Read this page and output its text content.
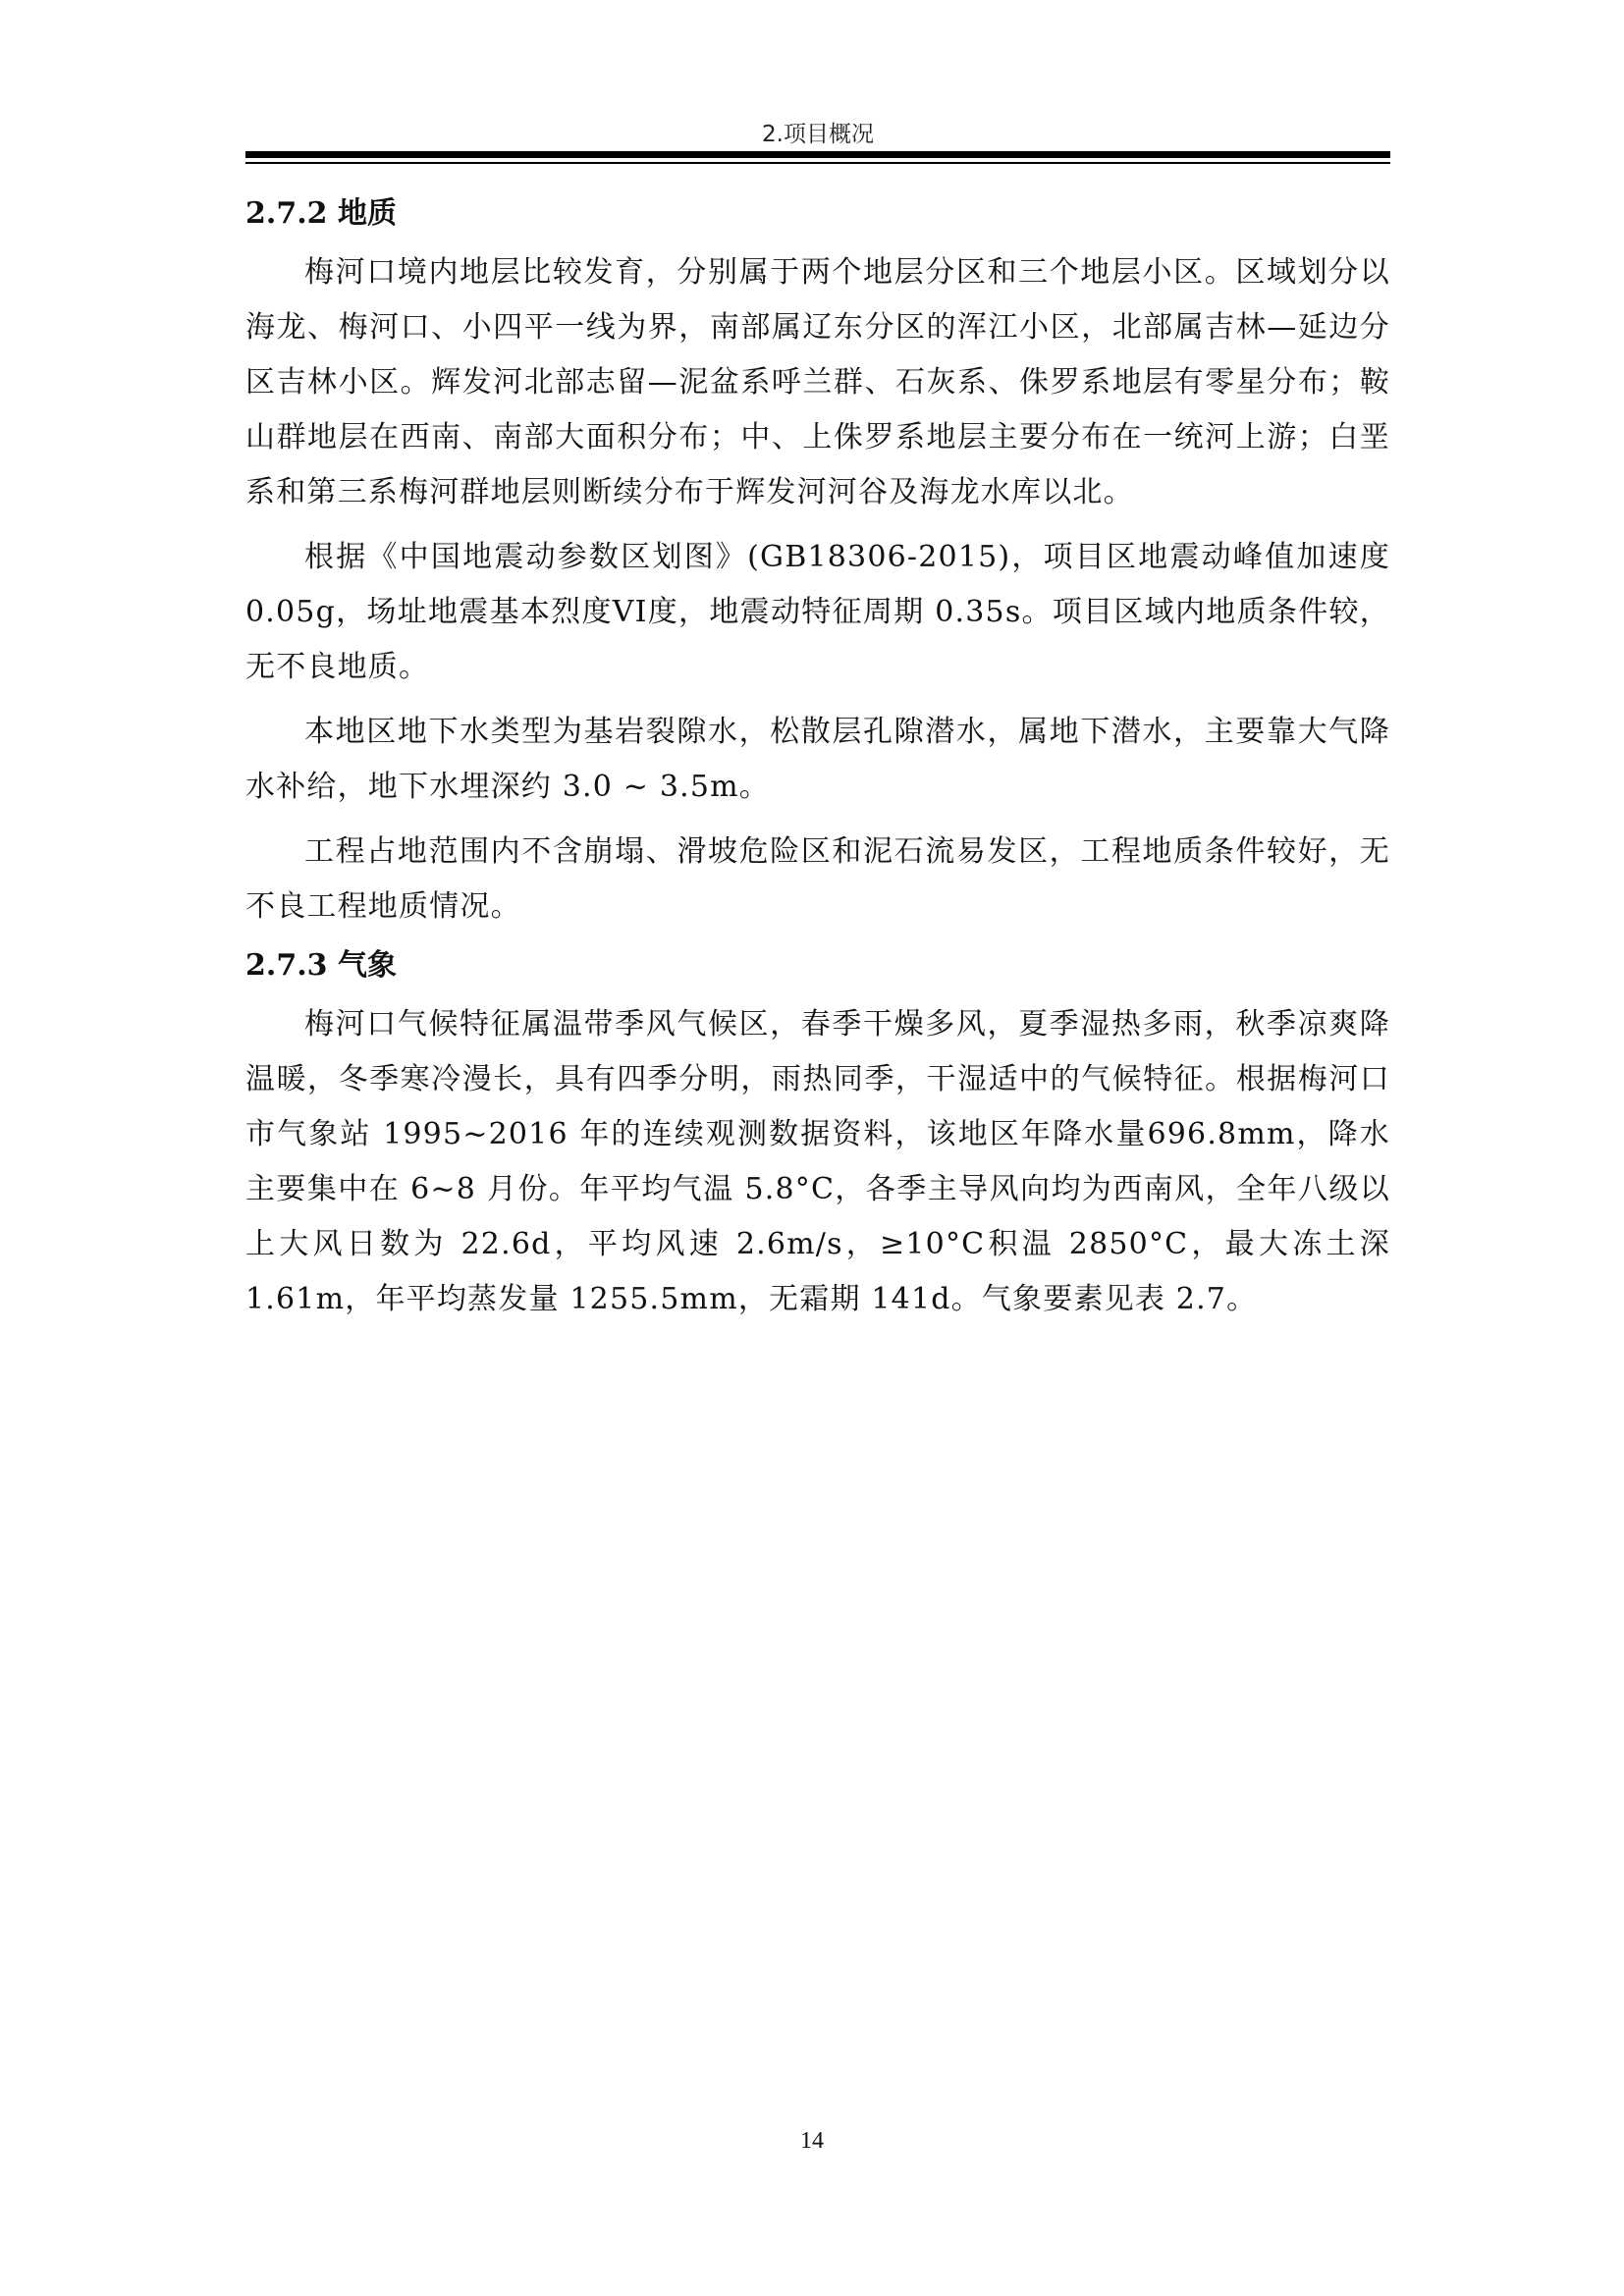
2.项目概况
2.7.2 地质

梅河口境内地层比较发育，分别属于两个地层分区和三个地层小区。区域划分以海龙、梅河口、小四平一线为界，南部属辽东分区的浑江小区，北部属吉林—延边分区吉林小区。辉发河北部志留—泥盆系呼兰群、石灰系、侏罗系地层有零星分布；鞍山群地层在西南、南部大面积分布；中、上侏罗系地层主要分布在一统河上游；白垩系和第三系梅河群地层则断续分布于辉发河河谷及海龙水库以北。

根据《中国地震动参数区划图》(GB18306-2015)，项目区地震动峰值加速度0.05g，场址地震基本烈度VI度，地震动特征周期 0.35s。项目区域内地质条件较，无不良地质。

本地区地下水类型为基岩裂隙水，松散层孔隙潜水，属地下潜水，主要靠大气降水补给，地下水埋深约 3.0 ~ 3.5m。

工程占地范围内不含崩塌、滑坡危险区和泥石流易发区，工程地质条件较好，无不良工程地质情况。

2.7.3 气象

梅河口气候特征属温带季风气候区，春季干燥多风，夏季湿热多雨，秋季凉爽降温暖，冬季寒冷漫长，具有四季分明，雨热同季，干湿适中的气候特征。根据梅河口市气象站 1995~2016 年的连续观测数据资料，该地区年降水量696.8mm，降水主要集中在 6~8 月份。年平均气温 5.8°C，各季主导风向均为西南风，全年八级以上大风日数为 22.6d，平均风速 2.6m/s，≥10°C积温 2850°C，最大冻土深 1.61m，年平均蒸发量 1255.5mm，无霜期 141d。气象要素见表 2.7。

14
